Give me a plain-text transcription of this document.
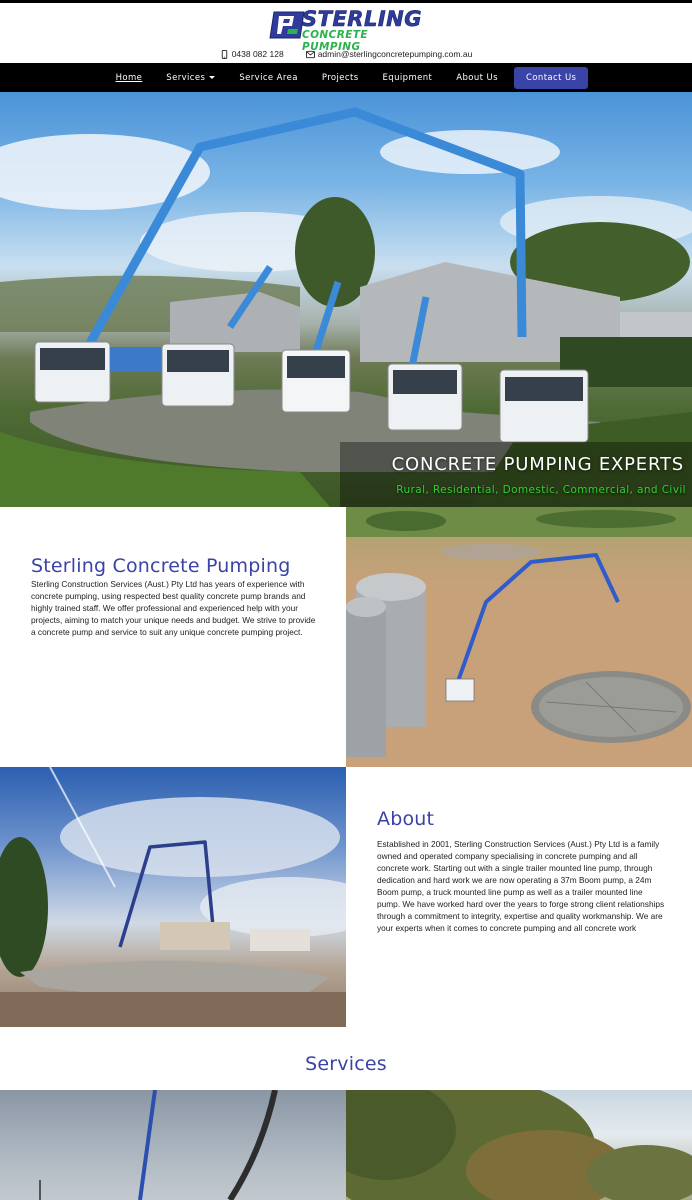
STERLING
CONCRETE PUMPING
0438 082 128	admin@sterlingconcretepumping.com.au
Home	Services	Service Area	Projects	Equipment	About Us	Contact Us
CONCRETE PUMPING EXPERTS
Rural, Residential, Domestic, Commercial, and Civil
Sterling Concrete Pumping

Sterling Construction Services (Aust.) Pty Ltd has years of experience with concrete pumping, using respected best quality concrete pump brands and highly trained staff. We offer professional and experienced help with your projects, aiming to match your unique needs and budget. We strive to provide a concrete pump and service to suit any unique concrete pumping project.

About

Established in 2001, Sterling Construction Services (Aust.) Pty Ltd is a family owned and operated company specialising in concrete pumping and all concrete work. Starting out with a single trailer mounted line pump, through dedication and hard work we are now operating a 37m Boom pump, a 24m Boom pump, a truck mounted line pump as well as a trailer mounted line pump. We have worked hard over the years to forge strong client relationships through a commitment to integrity, expertise and quality workmanship. We are your experts when it comes to concrete pumping and all concrete work

Services
